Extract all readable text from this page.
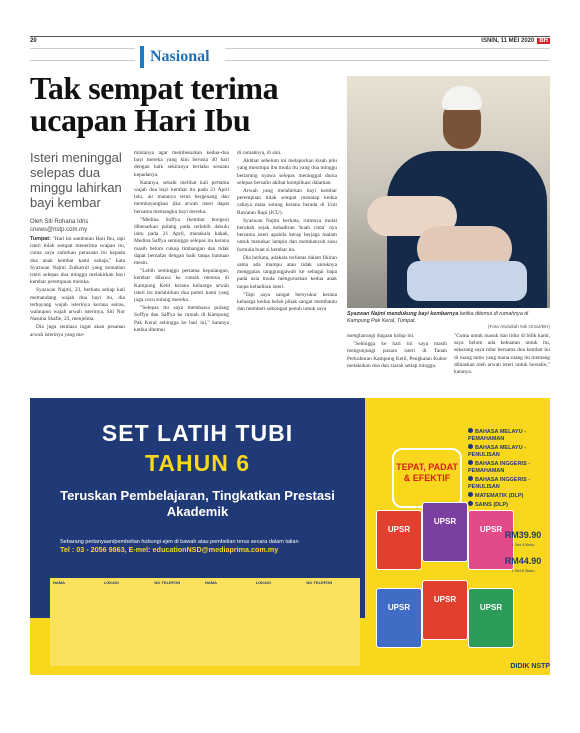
20	ISNIN, 11 MEI 2020 BH
Nasional
Tak sempat terima ucapan Hari Ibu
Isteri meninggal selepas dua minggu lahirkan bayi kembar
Oleh Siti Rohana Idris cnews@nstp.com.my

Tumpat: "Hari ini sambutan Hari Ibu, tapi isteri tidak sempat menerima ucapan itu, cuma saya zahirkan perasaan itu kepada dua anak kembar kami sahaja," kata Syazwan Najmi Zulkarnil yang kematian isteri selepas dua minggu melahirkan bayi kembar perempuan mereka.

Syazwan Najmi, 23, berkata setiap kali memandang wajah dua bayi itu, dia terbayang wajah isterinya kerana seiras, walaupun wajah arwah isterinya, Siti Nur Nasuha Shafie, 23, menjelma.

Dia juga sentiasa ingat akan pesanan arwah isterinya yang me-

mintanya agar membesarkan kedua-dua bayi mereka yang kini berusia 40 hari dengan baik sekiranya berlaku sesuatu kepadanya.

Katanya, sebaik melihat kali pertama wajah dua bayi kembar itu pada 21 April lalu, air matanya terus bergenang dan membayangkan jika arwah isteri dapat bersama memangku bayi mereka.

"Medina Soffya (kembar bongsu) dibenarkan pulang pada terlebih dahulu iaitu pada 21 April, manakala kakak, Medina Saffya seminggu selepas itu kerana masih belum cukup timbangan dan tidak dapat bernafas dengan baik tanpa bantuan mesin.

"Lebih seminggu pertama kepulangan, kembar dibawa ke rumah mentua di Kampung Ketil kerana keluarga arwah isteri itu melahirkan dua puteri kami yang juga cucu sulung mereka.

"Selepas itu saya membawa pulang Soffya dan Saffya ke rumah di Kampung Pak Keral sehingga ke hari ini," katanya ketika ditemui

di rumahnya, di sini.

Akhbar sebelum ini melaporkan kisah pilu yang menimpa ibu muda itu yang dua minggu bertarung nyawa selepas meninggal dunia selepas bersalin akibat komplikasi dalaman.

Arwah yang melahirkan bayi kembar perempuan tidak sempat menatap kedua cahaya mata sulung kerana berada di Unit Rawatan Rapi (ICU).

Syazwan Najmi berkata, rutinnya mulai berubah sejak kehadiran 'buah cinta' nya bersama isteri apabila kerap berjaga malam untuk menukar lampin dan membancuh susu formula buat si kembar itu.

Dia berkata, adakala terlintas dalam fikiran sama ada mampu atau tidak untuknya menggalas tanggungjawab ke sebagai bapa pada usia muda menguruskan kedua anak tanpa kehadiran isteri.

"Tapi saya sangat bersyukur kerana keluarga kedua belah pihak sangat membantu dan memberi sokongan penuh untuk saya

Syazwan Najmi mendukung bayi kembarnya ketika ditemui di rumahnya di Kampung Pak Keral, Tumpat.
(Foto Abdullah Nik Omar/BH)

mengharungi dugaan hidup ini.

"Sehingga ke hari ini saya masih mengunjungi pusara isteri di Tanah Perkuburan Kampung Ketil, Pengkalan Kubor melakukan doa dan ziarah setiap minggu.

"Cuma untuk masuk dan tidur di bilik kami, saya belum ada kekuatan untuk itu, sekarang saya tidur bersama dua kembar ini di ruang tamu yang mana ruang itu memang dihiaskan oleh arwah isteri untuk bersalin," katanya.

SET LATIH TUBI
TAHUN 6
Teruskan Pembelajaran, Tingkatkan Prestasi Akademik
Sebarang pertanyaan/pembelian hubungi ejen di bawah atau pembelian terus secara dalam talian
Tel : 03 - 2056 9863, E-mel: educationNSD@mediaprima.com.my
NAMA	LOKASI	NO TELEFON	NAMA	LOKASI	NO TELEFON
TEPAT, PADAT & EFEKTIF
BAHASA MELAYU -PEMAHAMAN
BAHASA MELAYU -PENULISAN
BAHASA INGGERIS -PEMAHAMAN
BAHASA INGGERIS -PENULISAN
MATEMATIK (DLP)
SAINS (DLP)
UPSR
UPSR
UPSR
UPSR
UPSR
UPSR
RM39.90
1 Set 4 Buku
RM44.90
1 Set 6 Buku
DIDIK NSTP
